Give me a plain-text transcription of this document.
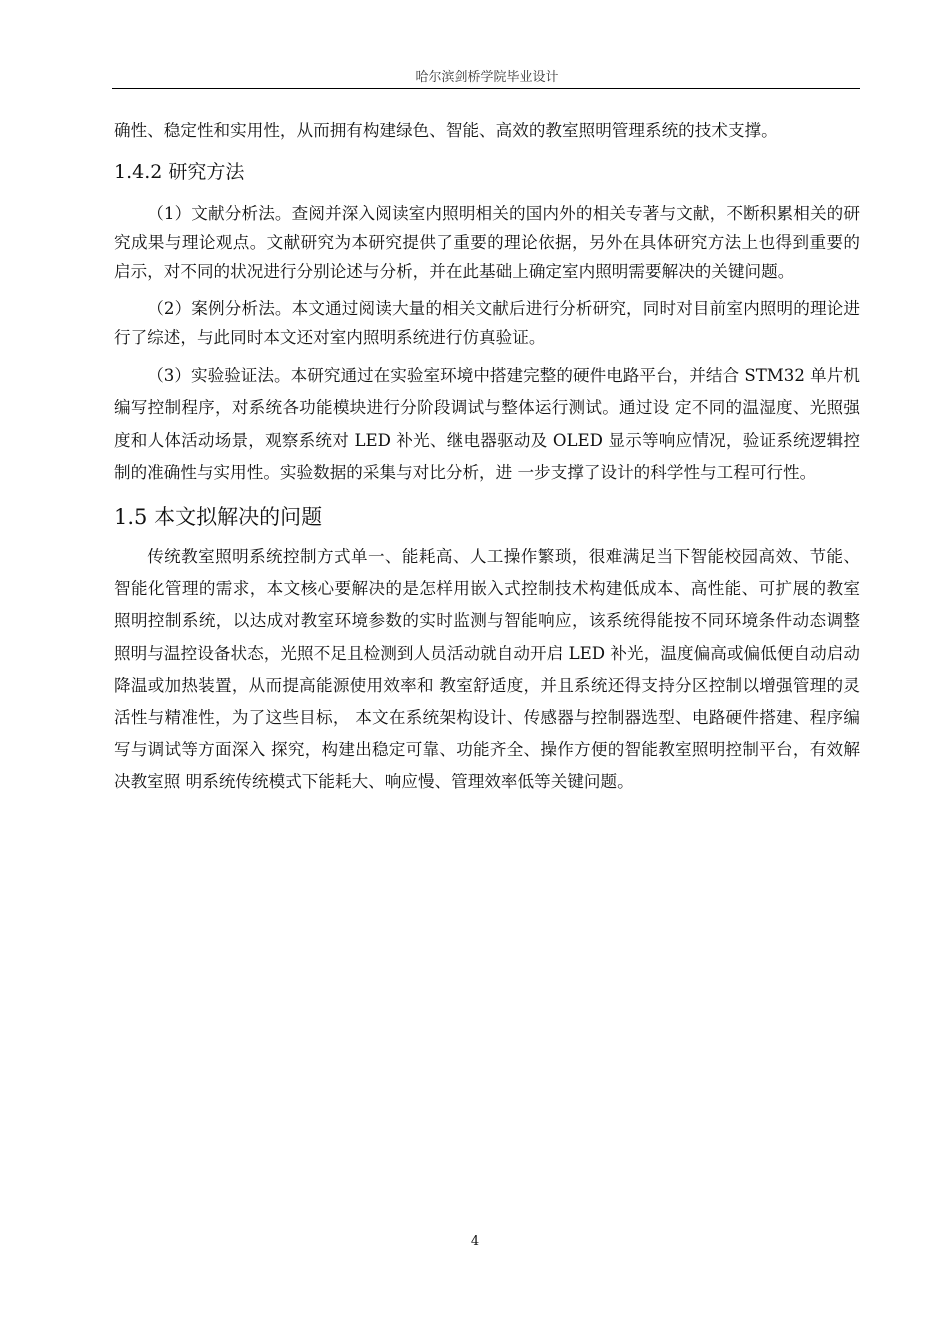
哈尔滨剑桥学院毕业设计

确性、稳定性和实用性，从而拥有构建绿色、智能、高效的教室照明管理系统的技术支撑。

1.4.2 研究方法

（1）文献分析法。查阅并深入阅读室内照明相关的国内外的相关专著与文献，不断积累相关的研究成果与理论观点。文献研究为本研究提供了重要的理论依据，另外在具体研究方法上也得到重要的启示，对不同的状况进行分别论述与分析，并在此基础上确定室内照明需要解决的关键问题。

（2）案例分析法。本文通过阅读大量的相关文献后进行分析研究，同时对目前室内照明的理论进行了综述，与此同时本文还对室内照明系统进行仿真验证。

（3）实验验证法。本研究通过在实验室环境中搭建完整的硬件电路平台，并结合 STM32 单片机编写控制程序，对系统各功能模块进行分阶段调试与整体运行测试。通过设 定不同的温湿度、光照强度和人体活动场景，观察系统对 LED 补光、继电器驱动及 OLED 显示等响应情况，验证系统逻辑控制的准确性与实用性。实验数据的采集与对比分析，进 一步支撑了设计的科学性与工程可行性。

1.5 本文拟解决的问题

传统教室照明系统控制方式单一、能耗高、人工操作繁琐，很难满足当下智能校园高效、节能、智能化管理的需求，本文核心要解决的是怎样用嵌入式控制技术构建低成本、高性能、可扩展的教室照明控制系统，以达成对教室环境参数的实时监测与智能响应，该系统得能按不同环境条件动态调整照明与温控设备状态，光照不足且检测到人员活动就自动开启 LED 补光，温度偏高或偏低便自动启动降温或加热装置，从而提高能源使用效率和 教室舒适度，并且系统还得支持分区控制以增强管理的灵活性与精准性，为了这些目标， 本文在系统架构设计、传感器与控制器选型、电路硬件搭建、程序编写与调试等方面深入 探究，构建出稳定可靠、功能齐全、操作方便的智能教室照明控制平台，有效解决教室照 明系统传统模式下能耗大、响应慢、管理效率低等关键问题。

4
